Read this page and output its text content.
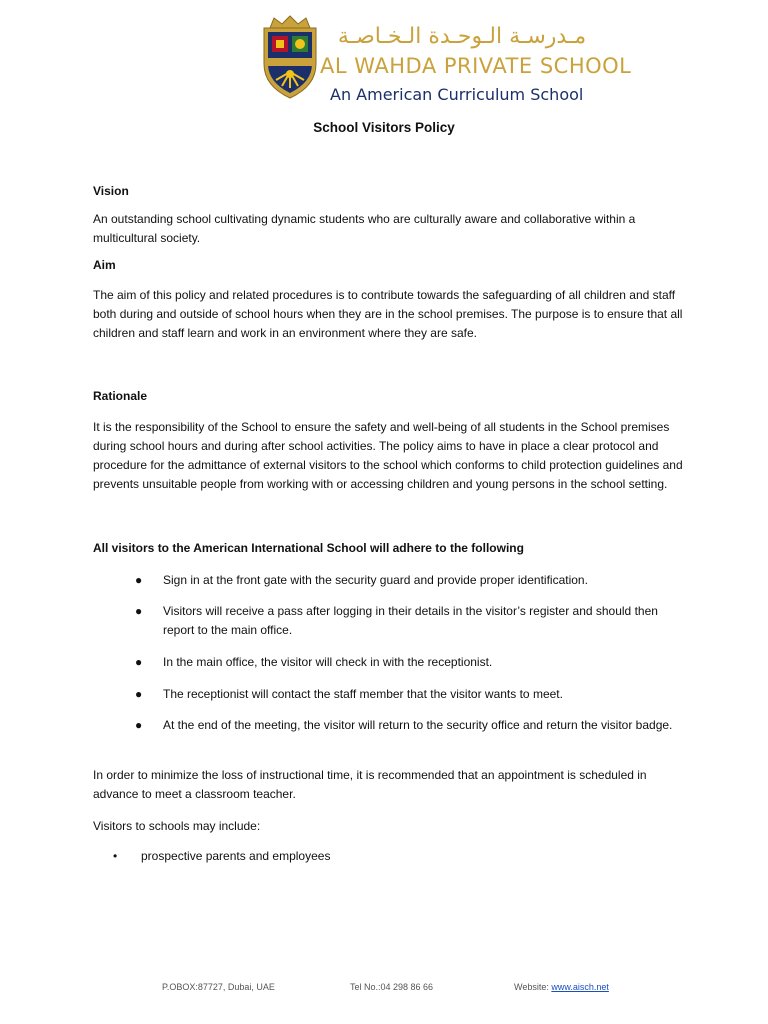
مـدرسـة الـوحـدة الـخـاصـة
AL WAHDA PRIVATE SCHOOL
An American Curriculum School
School Visitors Policy
Vision

An outstanding school cultivating dynamic students who are culturally aware and collaborative within a multicultural society.

Aim

The aim of this policy and related procedures is to contribute towards the safeguarding of all children and staff both during and outside of school hours when they are in the school premises. The purpose is to ensure that all children and staff learn and work in an environment where they are safe.

Rationale

It is the responsibility of the School to ensure the safety and well-being of all students in the School premises during school hours and during after school activities. The policy aims to have in place a clear protocol and procedure for the admittance of external visitors to the school which conforms to child protection guidelines and prevents unsuitable people from working with or accessing children and young persons in the school setting.

All visitors to the American International School will adhere to the following
●	Sign in at the front gate with the security guard and provide proper identification.
●	Visitors will receive a pass after logging in their details in the visitor’s register and should then report to the main office.
●	In the main office, the visitor will check in with the receptionist.
●	The receptionist will contact the staff member that the visitor wants to meet.
●	At the end of the meeting, the visitor will return to the security office and return the visitor badge.

In order to minimize the loss of instructional time, it is recommended that an appointment is scheduled in advance to meet a classroom teacher.

Visitors to schools may include:

•	prospective parents and employees
P.OBOX:87727, Dubai, UAE	Tel No.:04 298 86 66	Website: www.aisch.net
